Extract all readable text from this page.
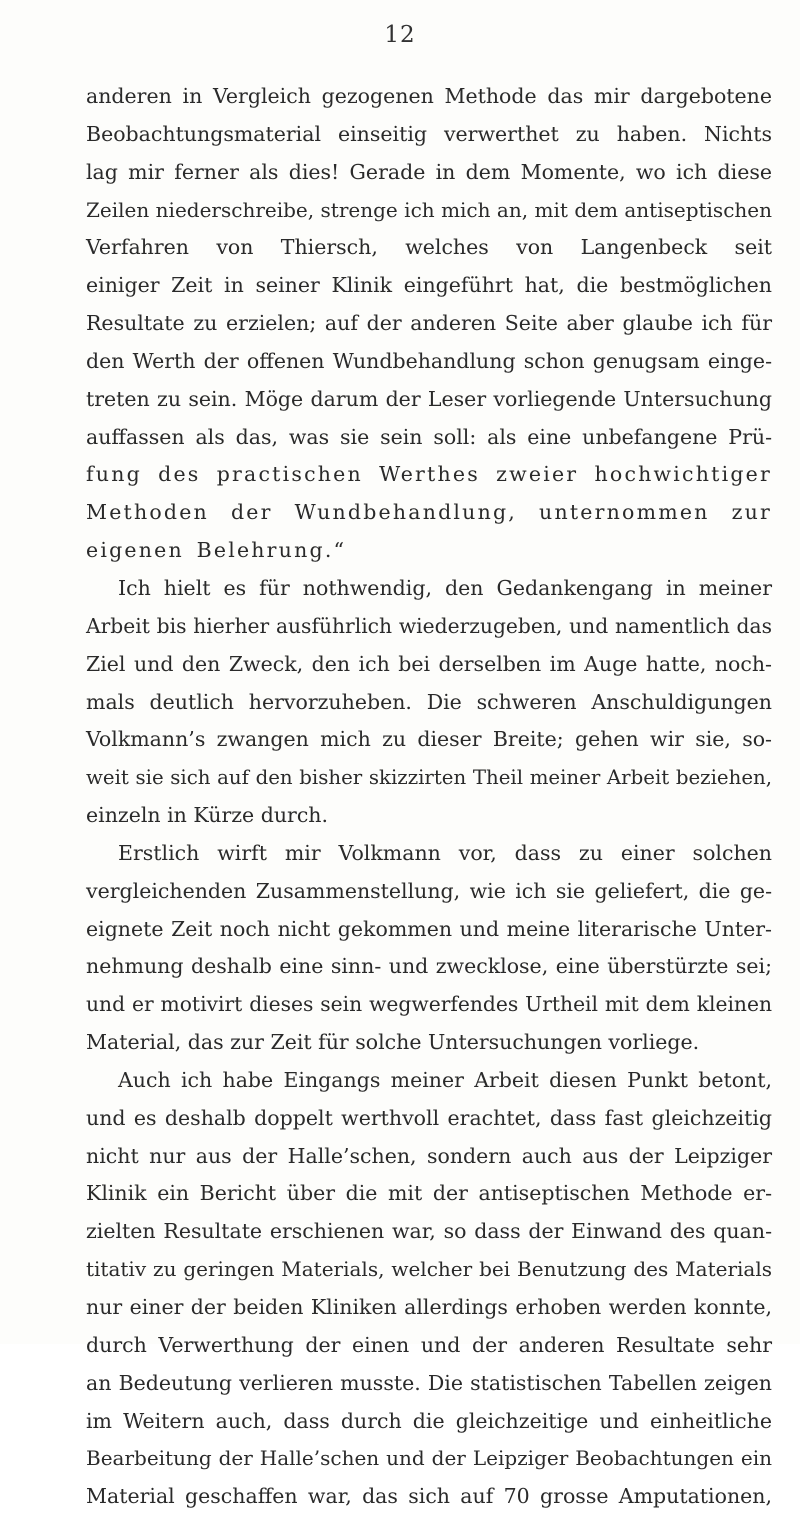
12
anderen in Vergleich gezogenen Methode das mir dargebotene
Beobachtungsmaterial einseitig verwerthet zu haben. Nichts
lag mir ferner als dies! Gerade in dem Momente, wo ich diese
Zeilen niederschreibe, strenge ich mich an, mit dem antiseptischen
Verfahren von Thiersch, welches von Langenbeck seit
einiger Zeit in seiner Klinik eingeführt hat, die bestmöglichen
Resultate zu erzielen; auf der anderen Seite aber glaube ich für
den Werth der offenen Wundbehandlung schon genugsam einge-
treten zu sein. Möge darum der Leser vorliegende Untersuchung
auffassen als das, was sie sein soll: als eine unbefangene Prü-
fung des practischen Werthes zweier hochwichtiger
Methoden der Wundbehandlung, unternommen zur
eigenen Belehrung.“
Ich hielt es für nothwendig, den Gedankengang in meiner
Arbeit bis hierher ausführlich wiederzugeben, und namentlich das
Ziel und den Zweck, den ich bei derselben im Auge hatte, noch-
mals deutlich hervorzuheben. Die schweren Anschuldigungen
Volkmann’s zwangen mich zu dieser Breite; gehen wir sie, so-
weit sie sich auf den bisher skizzirten Theil meiner Arbeit beziehen,
einzeln in Kürze durch.
Erstlich wirft mir Volkmann vor, dass zu einer solchen
vergleichenden Zusammenstellung, wie ich sie geliefert, die ge-
eignete Zeit noch nicht gekommen und meine literarische Unter-
nehmung deshalb eine sinn- und zwecklose, eine überstürzte sei;
und er motivirt dieses sein wegwerfendes Urtheil mit dem kleinen
Material, das zur Zeit für solche Untersuchungen vorliege.
Auch ich habe Eingangs meiner Arbeit diesen Punkt betont,
und es deshalb doppelt werthvoll erachtet, dass fast gleichzeitig
nicht nur aus der Halle’schen, sondern auch aus der Leipziger
Klinik ein Bericht über die mit der antiseptischen Methode er-
zielten Resultate erschienen war, so dass der Einwand des quan-
titativ zu geringen Materials, welcher bei Benutzung des Materials
nur einer der beiden Kliniken allerdings erhoben werden konnte,
durch Verwerthung der einen und der anderen Resultate sehr
an Bedeutung verlieren musste. Die statistischen Tabellen zeigen
im Weitern auch, dass durch die gleichzeitige und einheitliche
Bearbeitung der Halle’schen und der Leipziger Beobachtungen ein
Material geschaffen war, das sich auf 70 grosse Amputationen,
